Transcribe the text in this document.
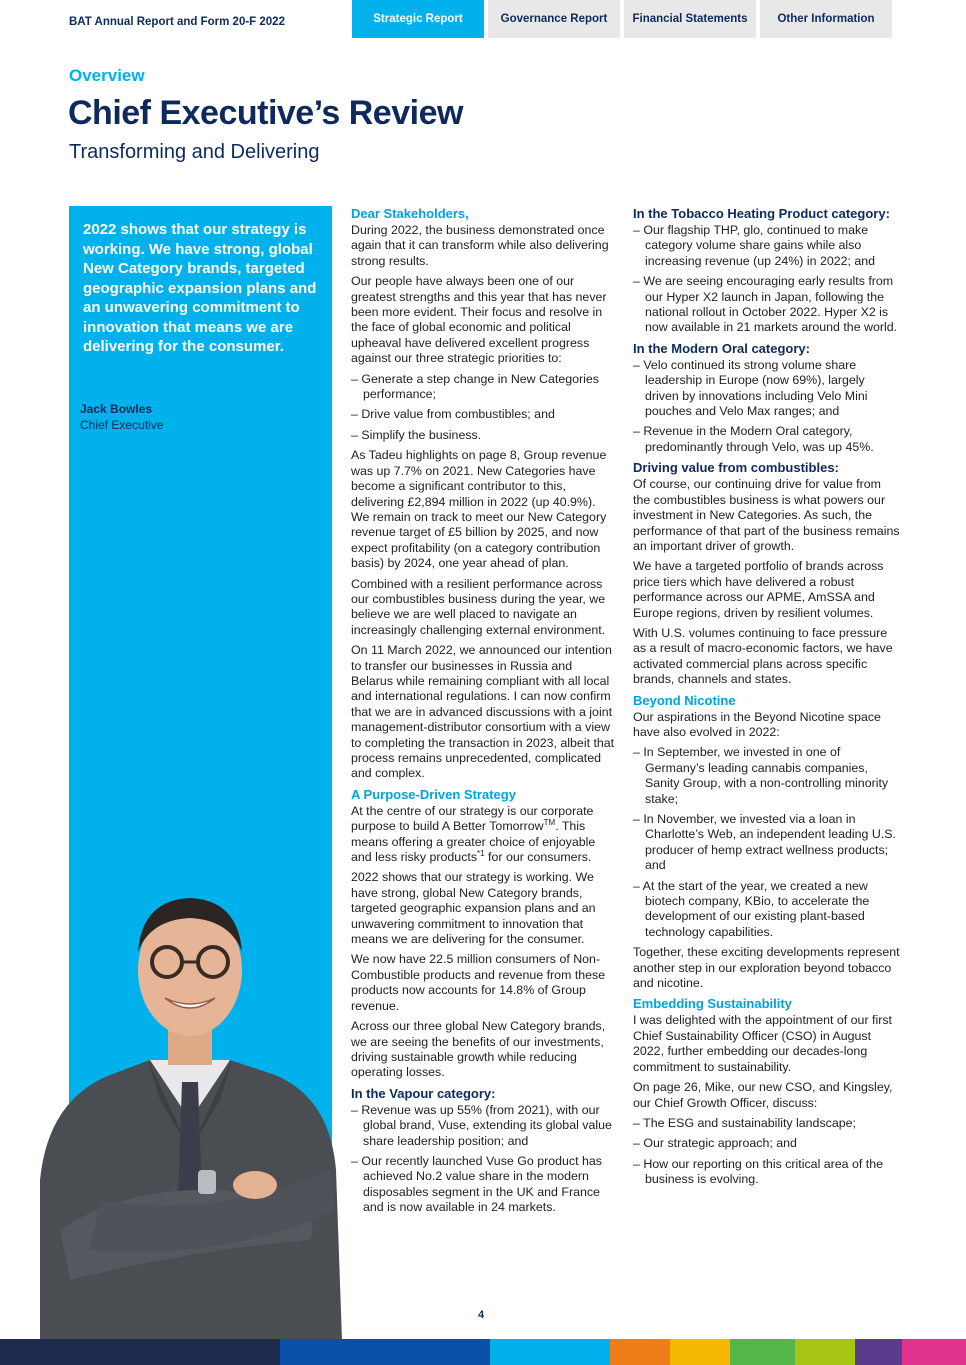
BAT Annual Report and Form 20-F 2022	Strategic Report	Governance Report	Financial Statements	Other Information
Overview
Chief Executive’s Review
Transforming and Delivering
2022 shows that our strategy is working. We have strong, global New Category brands, targeted geographic expansion plans and an unwavering commitment to innovation that means we are delivering for the consumer.
Jack Bowles
Chief Executive
Dear Stakeholders,

During 2022, the business demonstrated once again that it can transform while also delivering strong results.

Our people have always been one of our greatest strengths and this year that has never been more evident. Their focus and resolve in the face of global economic and political upheaval have delivered excellent progress against our three strategic priorities to:

– Generate a step change in New Categories performance;
– Drive value from combustibles; and
– Simplify the business.

As Tadeu highlights on page 8, Group revenue was up 7.7% on 2021. New Categories have become a significant contributor to this, delivering £2,894 million in 2022 (up 40.9%). We remain on track to meet our New Category revenue target of £5 billion by 2025, and now expect profitability (on a category contribution basis) by 2024, one year ahead of plan.

Combined with a resilient performance across our combustibles business during the year, we believe we are well placed to navigate an increasingly challenging external environment.

On 11 March 2022, we announced our intention to transfer our businesses in Russia and Belarus while remaining compliant with all local and international regulations. I can now confirm that we are in advanced discussions with a joint management-distributor consortium with a view to completing the transaction in 2023, albeit that process remains unprecedented, complicated and complex.

A Purpose-Driven Strategy

At the centre of our strategy is our corporate purpose to build A Better Tomorrow™. This means offering a greater choice of enjoyable and less risky products$^{*1}$ for our consumers.

2022 shows that our strategy is working. We have strong, global New Category brands, targeted geographic expansion plans and an unwavering commitment to innovation that means we are delivering for the consumer.

We now have 22.5 million consumers of Non-Combustible products and revenue from these products now accounts for 14.8% of Group revenue.

Across our three global New Category brands, we are seeing the benefits of our investments, driving sustainable growth while reducing operating losses.

In the Vapour category:
– Revenue was up 55% (from 2021), with our global brand, Vuse, extending its global value share leadership position; and
– Our recently launched Vuse Go product has achieved No.2 value share in the modern disposables segment in the UK and France and is now available in 24 markets.
In the Tobacco Heating Product category:
– Our flagship THP, glo, continued to make category volume share gains while also increasing revenue (up 24%) in 2022; and
– We are seeing encouraging early results from our Hyper X2 launch in Japan, following the national rollout in October 2022. Hyper X2 is now available in 21 markets around the world.
In the Modern Oral category:
– Velo continued its strong volume share leadership in Europe (now 69%), largely driven by innovations including Velo Mini pouches and Velo Max ranges; and
– Revenue in the Modern Oral category, predominantly through Velo, was up 45%.
Driving value from combustibles:

Of course, our continuing drive for value from the combustibles business is what powers our investment in New Categories. As such, the performance of that part of the business remains an important driver of growth.

We have a targeted portfolio of brands across price tiers which have delivered a robust performance across our APME, AmSSA and Europe regions, driven by resilient volumes.

With U.S. volumes continuing to face pressure as a result of macro-economic factors, we have activated commercial plans across specific brands, channels and states.

Beyond Nicotine

Our aspirations in the Beyond Nicotine space have also evolved in 2022:

– In September, we invested in one of Germany’s leading cannabis companies, Sanity Group, with a non-controlling minority stake;
– In November, we invested via a loan in Charlotte’s Web, an independent leading U.S. producer of hemp extract wellness products; and
– At the start of the year, we created a new biotech company, KBio, to accelerate the development of our existing plant-based technology capabilities.

Together, these exciting developments represent another step in our exploration beyond tobacco and nicotine.

Embedding Sustainability

I was delighted with the appointment of our first Chief Sustainability Officer (CSO) in August 2022, further embedding our decades-long commitment to sustainability.

On page 26, Mike, our new CSO, and Kingsley, our Chief Growth Officer, discuss:

– The ESG and sustainability landscape;
– Our strategic approach; and
– How our reporting on this critical area of the business is evolving.
4
